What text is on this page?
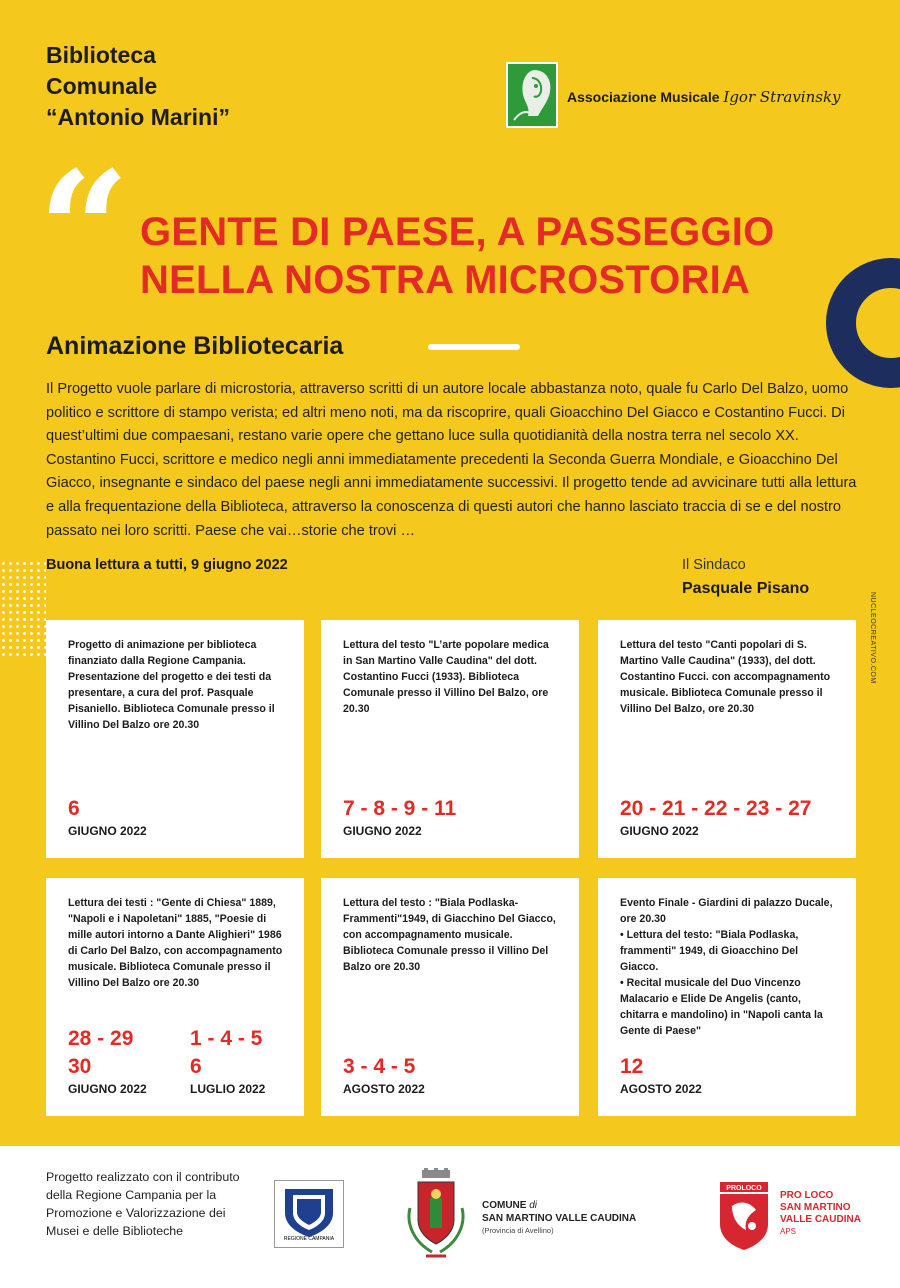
Biblioteca
Comunale
“Antonio Marini”
Associazione Musicale Igor Stravinsky
“ GENTE DI PAESE, A PASSEGGIO
NELLA NOSTRA MICROSTORIA
Animazione Bibliotecaria
Il Progetto vuole parlare di microstoria, attraverso scritti di un autore locale abbastanza noto, quale fu Carlo Del Balzo, uomo politico e scrittore di stampo verista; ed altri meno noti, ma da riscoprire, quali Gioacchino Del Giacco e Costantino Fucci. Di quest’ultimi due compaesani, restano varie opere che gettano luce sulla quotidianità della nostra terra nel secolo XX. Costantino Fucci, scrittore e medico negli anni immediatamente precedenti la Seconda Guerra Mondiale, e Gioacchino Del Giacco, insegnante e sindaco del paese negli anni immediatamente successivi. Il progetto tende ad avvicinare tutti alla lettura e alla frequentazione della Biblioteca, attraverso la conoscenza di questi autori che hanno lasciato traccia di se e del nostro passato nei loro scritti. Paese che vai…storie che trovi …
Buona lettura a tutti, 9 giugno 2022	Il Sindaco
Pasquale Pisano
NUCLEOCREATIVO.COM
Progetto di animazione per biblioteca finanziato dalla Regione Campania. Presentazione del progetto e dei testi da presentare, a cura del prof. Pasquale Pisaniello. Biblioteca Comunale presso il Villino Del Balzo ore 20.30
6
GIUGNO 2022
Lettura del testo "L’arte popolare medica in San Martino Valle Caudina" del dott. Costantino Fucci (1933). Biblioteca Comunale presso il Villino Del Balzo, ore 20.30
7 - 8 - 9 - 11
GIUGNO 2022
Lettura del testo "Canti popolari di S. Martino Valle Caudina" (1933), del dott. Costantino Fucci. con accompagnamento musicale. Biblioteca Comunale presso il Villino Del Balzo, ore 20.30
20 - 21 - 22 - 23 - 27
GIUGNO 2022
Lettura dei testi : "Gente di Chiesa" 1889, "Napoli e i Napoletani" 1885, "Poesie di mille autori intorno a Dante Alighieri" 1986 di Carlo Del Balzo, con accompagnamento musicale. Biblioteca Comunale presso il Villino Del Balzo ore 20.30
28 - 29
30
GIUGNO 2022
1 - 4 - 5
6
LUGLIO 2022
Lettura del testo : "Biala Podlaska-Frammenti"1949, di Giacchino Del Giacco, con accompagnamento musicale. Biblioteca Comunale presso il Villino Del Balzo ore 20.30
3 - 4 - 5
AGOSTO 2022
Evento Finale - Giardini di palazzo Ducale, ore 20.30
• Lettura del testo: "Biala Podlaska, frammenti" 1949, di Gioacchino Del Giacco.
• Recital musicale del Duo Vincenzo Malacario e Elide De Angelis (canto, chitarra e mandolino) in "Napoli canta la Gente di Paese"
12
AGOSTO 2022
Progetto realizzato con il contributo della Regione Campania per la Promozione e Valorizzazione dei Musei e delle Biblioteche
REGIONE CAMPANIA
COMUNE di
SAN MARTINO VALLE CAUDINA
(Provincia di Avellino)
PROLOCO
PRO LOCO
SAN MARTINO
VALLE CAUDINA
APS
